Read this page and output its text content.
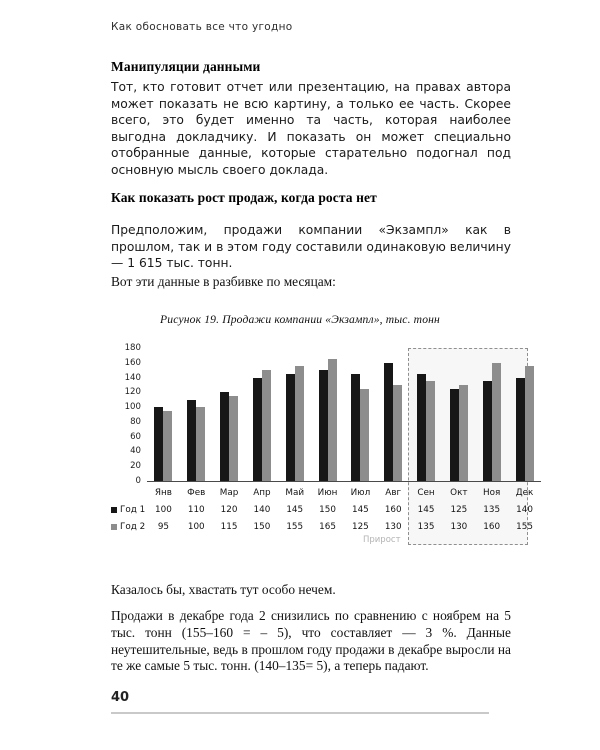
Как обосновать все что угодно
Манипуляции данными

Тот, кто готовит отчет или презентацию, на правах автора может показать не всю картину, а только ее часть. Скорее всего, это будет именно та часть, которая наиболее выгодна докладчику. И показать он может специально отобранные данные, которые старательно подогнал под основную мысль своего доклада.

Как показать рост продаж, когда роста нет

Предположим, продажи компании «Экзампл» как в прошлом, так и в этом году составили одинаковую величину — 1 615 тыс. тонн.

Вот эти данные в разбивке по месяцам:

Рисунок 19. Продажи компании «Экзампл», тыс. тонн
180
160
140
120
100
80
60
40
20
0
Янв	Фев	Мар	Апр	Май	Июн	Июл	Авг	Сен	Окт	Ноя	Дек
Год 1	100	110	120	140	145	150	145	160	145	125	135	140
Год 2	95	100	115	150	155	165	125	130	135	130	160	155
Прирост

Казалось бы, хвастать тут особо нечем.

Продажи в декабре года 2 снизились по сравнению с ноябрем на 5 тыс. тонн (155–160 = – 5), что составляет — 3 %. Данные неутешительные, ведь в прошлом году продажи в декабре выросли на те же самые 5 тыс. тонн. (140–135= 5), а теперь падают.

40
